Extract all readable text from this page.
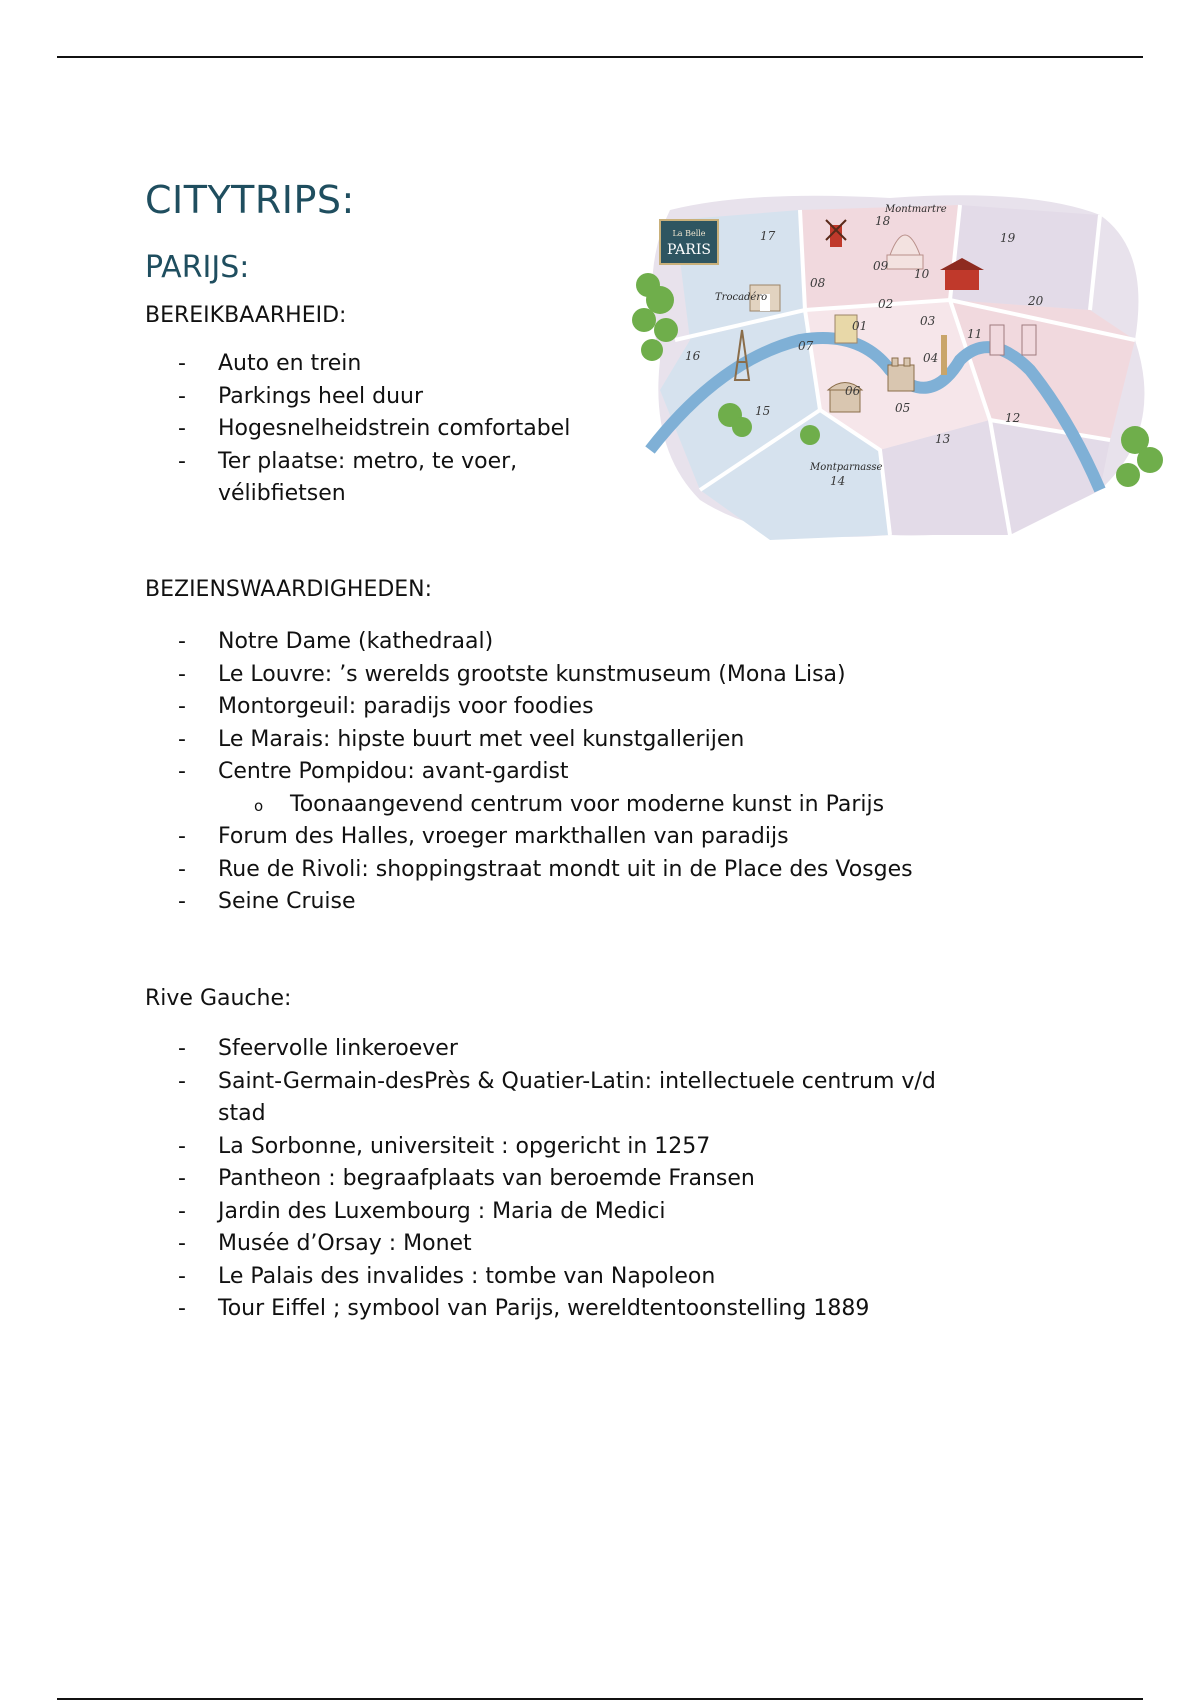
CITYTRIPS:
PARIJS:

BEREIKBAARHEID:

- Auto en trein
- Parkings heel duur
- Hogesnelheidstrein comfortabel
- Ter plaatse: metro, te voer,
vélibfietsen
La Belle
PARIS
Montmartre
Trocadéro
Montparnasse
01
02
03
04
05
06
07
08
09
10
11
12
13
14
15
16
17
18
19
20

BEZIENSWAARDIGHEDEN:

- Notre Dame (kathedraal)
- Le Louvre: ’s werelds grootste kunstmuseum (Mona Lisa)
- Montorgeuil: paradijs voor foodies
- Le Marais: hipste buurt met veel kunstgallerijen
- Centre Pompidou: avant-gardist
o Toonaangevend centrum voor moderne kunst in Parijs
- Forum des Halles, vroeger markthallen van paradijs
- Rue de Rivoli: shoppingstraat mondt uit in de Place des Vosges
- Seine Cruise

Rive Gauche:

- Sfeervolle linkeroever
- Saint-Germain-desPrès & Quatier-Latin: intellectuele centrum v/d
stad
- La Sorbonne, universiteit : opgericht in 1257
- Pantheon : begraafplaats van beroemde Fransen
- Jardin des Luxembourg : Maria de Medici
- Musée d’Orsay : Monet
- Le Palais des invalides : tombe van Napoleon
- Tour Eiffel ; symbool van Parijs, wereldtentoonstelling 1889
